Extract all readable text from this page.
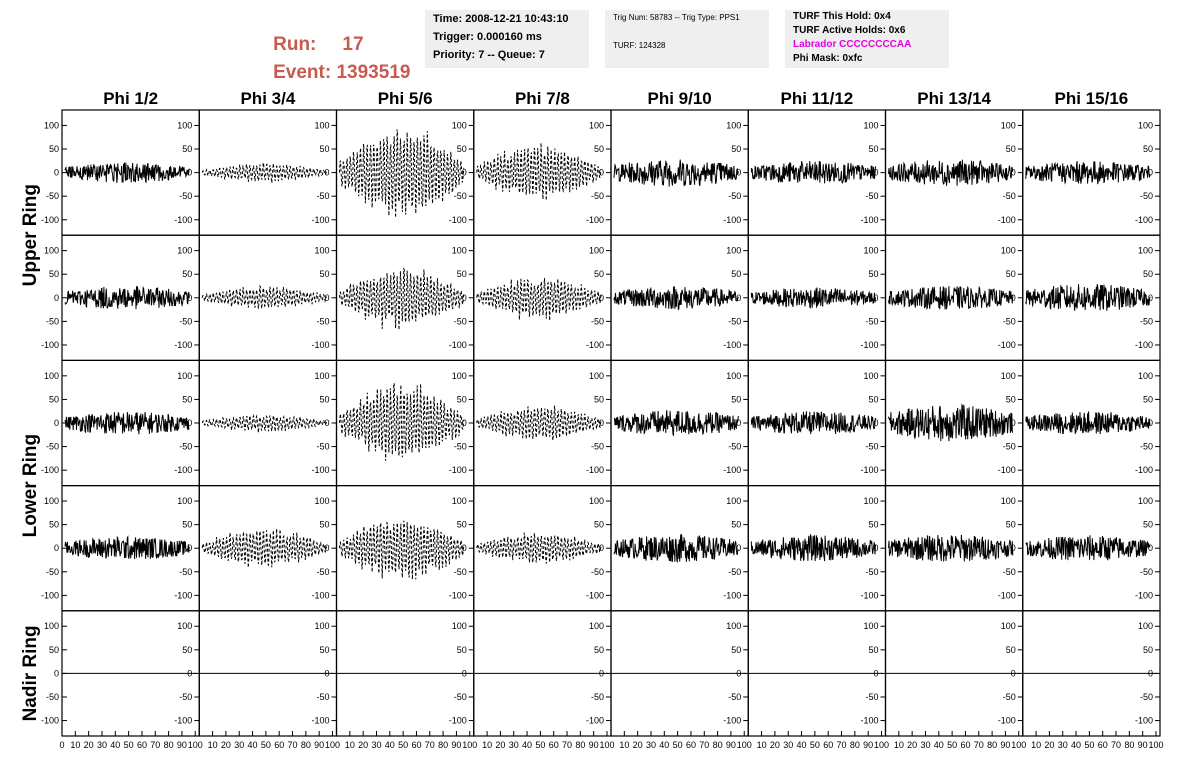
Run: 17

Event: 1393519

Time: 2008-12-21 10:43:10
Trigger: 0.000160 ms
Priority: 7 -- Queue: 7
Trig Num: 58783 -- Trig Type: PPS1
TURF: 124328
TURF This Hold: 0x4
TURF Active Holds: 0x6
Labrador CCCCCCCCAA
Phi Mask: 0xfc
Phi 1/2	Phi 3/4	Phi 5/6	Phi 7/8	Phi 9/10	Phi 11/12	Phi 13/14	Phi 15/16
Upper Ring
Lower Ring
Nadir Ring
100
50
0
-50
-100
100
50
0
-50
-100
100
50
0
-50
-100
100
50
0
-50
-100
100
50
0
-50
-100
100
50
0
-50
-100
100
50
0
-50
-100
100
50
0
-50
-100
100
50
0
-50
-100
100
50
0
-50
-100
100
50
0
-50
-100
100
50
0
-50
-100
100
50
0
-50
-100
100
50
0
-50
-100
100
50
0
-50
-100
100
50
0
-50
-100
100
50
0
-50
-100
100
50
0
-50
-100
100
50
0
-50
-100
100
50
0
-50
-100
100
50
0
-50
-100
100
50
0
-50
-100
100
50
0
-50
-100
100
50
0
-50
-100
100
50
0
-50
-100
100
50
0
-50
-100
100
50
0
-50
-100
100
50
0
-50
-100
100
50
0
-50
-100
100
50
0
-50
-100
100
50
0
-50
-100
100
50
0
-50
-100
100
50
0
-50
-100
100
50
0
-50
-100
100
50
0
-50
-100
100
50
0
-50
-100
100
50
0
-50
-100
100
50
0
-50
-100
0 10 20 30 40 50 60 70 80 90 100
100
50
0
-50
-100
10 20 30 40 50 60 70 80 90 100
100
50
0
-50
-100
10 20 30 40 50 60 70 80 90 100
100
50
0
-50
-100
10 20 30 40 50 60 70 80 90 100
100
50
0
-50
-100
10 20 30 40 50 60 70 80 90 100
100
50
0
-50
-100
10 20 30 40 50 60 70 80 90 100
100
50
0
-50
-100
10 20 30 40 50 60 70 80 90 100
100
50
0
-50
-100
10 20 30 40 50 60 70 80 90 100
